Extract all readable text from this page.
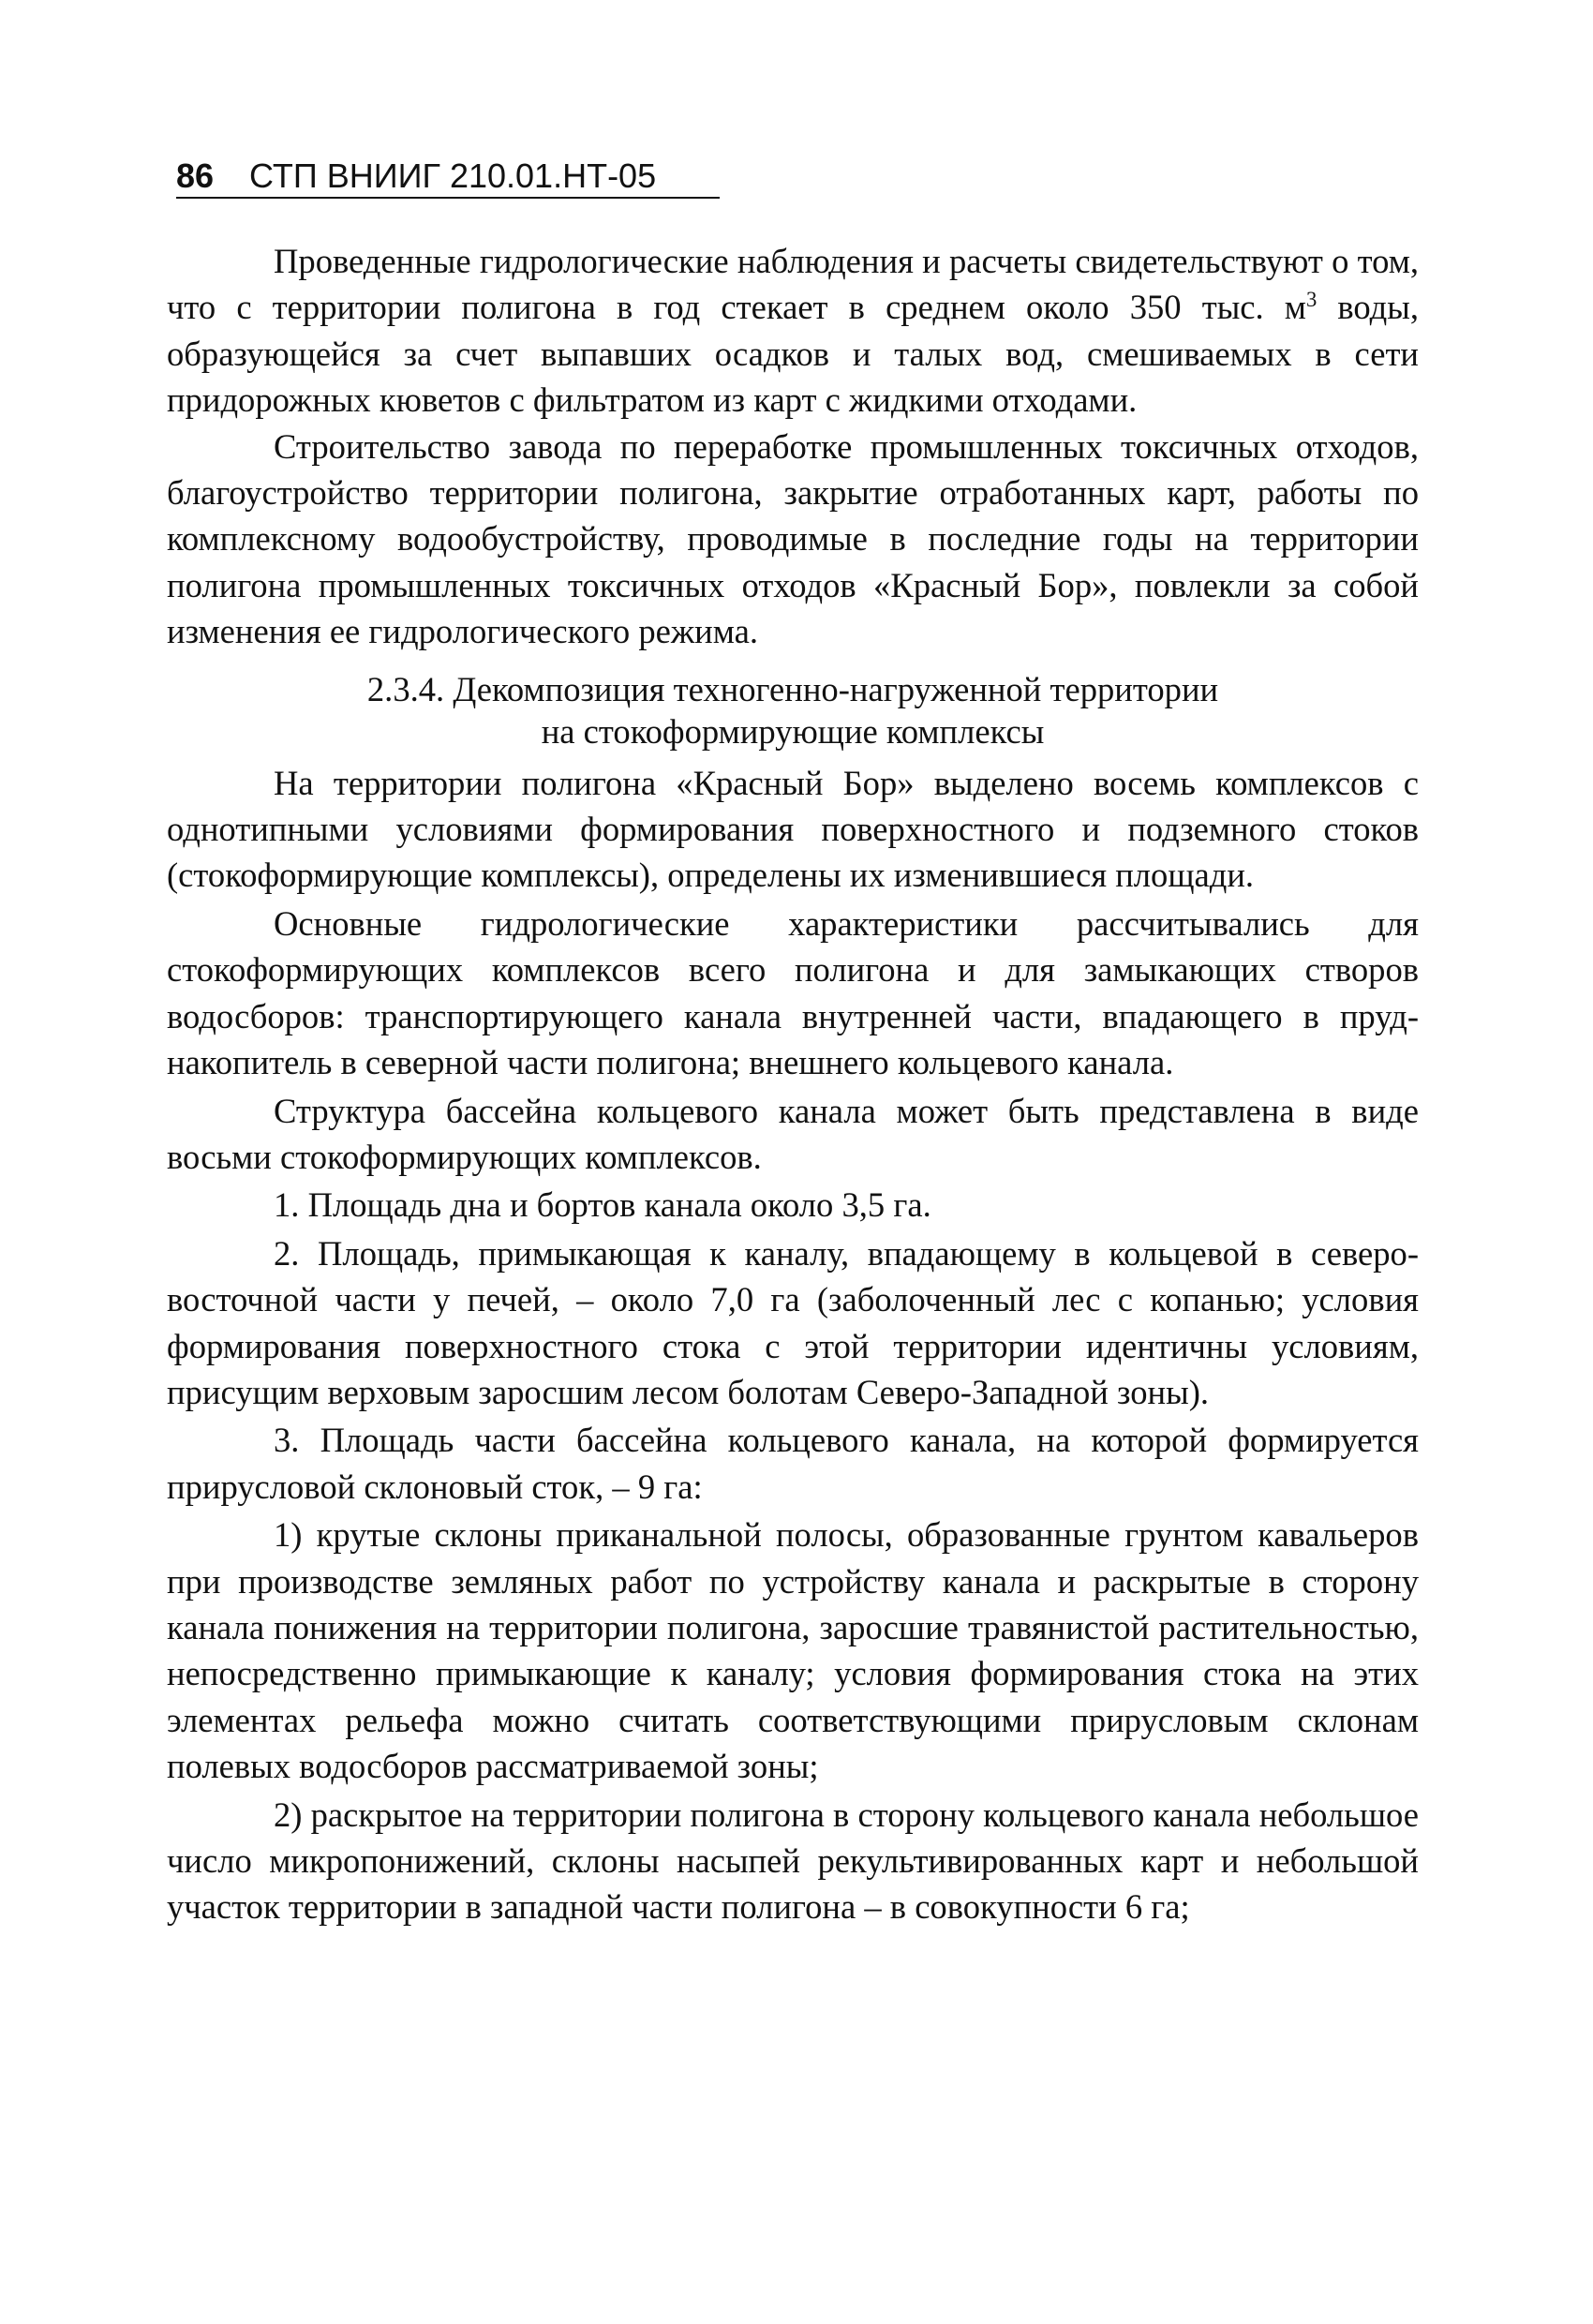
86 СТП ВНИИГ 210.01.НТ-05

Проведенные гидрологические наблюдения и расчеты свидетельствуют о том, что с территории полигона в год стекает в среднем около 350 тыс. $м^3$ воды, образующейся за счет выпавших осадков и талых вод, смешиваемых в сети придорожных кюветов с фильтратом из карт с жидкими отходами.

Строительство завода по переработке промышленных токсичных отходов, благоустройство территории полигона, закрытие отработанных карт, работы по комплексному водообустройству, проводимые в последние годы на территории полигона промышленных токсичных отходов «Красный Бор», повлекли за собой изменения ее гидрологического режима.

2.3.4. Декомпозиция техногенно-нагруженной территории
на стокоформирующие комплексы

На территории полигона «Красный Бор» выделено восемь комплексов с однотипными условиями формирования поверхностного и подземного стоков (стокоформирующие комплексы), определены их изменившиеся площади.

Основные гидрологические характеристики рассчитывались для стокоформирующих комплексов всего полигона и для замыкающих створов водосборов: транспортирующего канала внутренней части, впадающего в пруд-накопитель в северной части полигона; внешнего кольцевого канала.

Структура бассейна кольцевого канала может быть представлена в виде восьми стокоформирующих комплексов.

1. Площадь дна и бортов канала около 3,5 га.

2. Площадь, примыкающая к каналу, впадающему в кольцевой в северо-восточной части у печей, – около 7,0 га (заболоченный лес с копанью; условия формирования поверхностного стока с этой территории идентичны условиям, присущим верховым заросшим лесом болотам Северо-Западной зоны).

3. Площадь части бассейна кольцевого канала, на которой формируется прирусловой склоновый сток, – 9 га:

1) крутые склоны приканальной полосы, образованные грунтом кавальеров при производстве земляных работ по устройству канала и раскрытые в сторону канала понижения на территории полигона, заросшие травянистой растительностью, непосредственно примыкающие к каналу; условия формирования стока на этих элементах рельефа можно считать соответствующими прирусловым склонам полевых водосборов рассматриваемой зоны;

2) раскрытое на территории полигона в сторону кольцевого канала небольшое число микропонижений, склоны насыпей рекультивированных карт и небольшой участок территории в западной части полигона – в совокупности 6 га;
